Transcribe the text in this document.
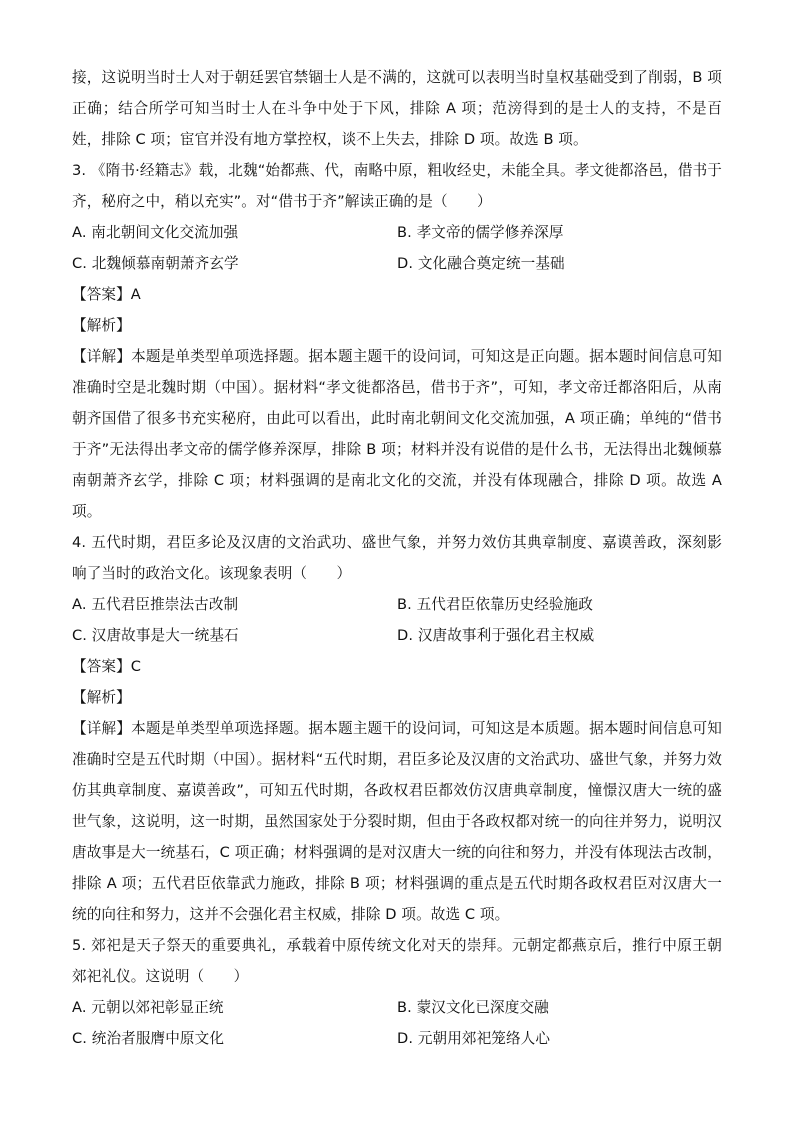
接，这说明当时士人对于朝廷罢官禁锢士人是不满的，这就可以表明当时皇权基础受到了削弱，B 项正确；结合所学可知当时士人在斗争中处于下风，排除 A 项；范滂得到的是士人的支持，不是百姓，排除 C 项；宦官并没有地方掌控权，谈不上失去，排除 D 项。故选 B 项。

3. 《隋书·经籍志》载，北魏“始都燕、代，南略中原，粗收经史，未能全具。孝文徙都洛邑，借书于齐，秘府之中，稍以充实”。对“借书于齐”解读正确的是（　　）

A. 南北朝间文化交流加强	B. 孝文帝的儒学修养深厚
C. 北魏倾慕南朝萧齐玄学	D. 文化融合奠定统一基础

【答案】A

【解析】

【详解】本题是单类型单项选择题。据本题主题干的设问词，可知这是正向题。据本题时间信息可知准确时空是北魏时期（中国）。据材料“孝文徙都洛邑，借书于齐”，可知，孝文帝迁都洛阳后，从南朝齐国借了很多书充实秘府，由此可以看出，此时南北朝间文化交流加强，A 项正确；单纯的“借书于齐”无法得出孝文帝的儒学修养深厚，排除 B 项；材料并没有说借的是什么书，无法得出北魏倾慕南朝萧齐玄学，排除 C 项；材料强调的是南北文化的交流，并没有体现融合，排除 D 项。故选 A 项。

4. 五代时期，君臣多论及汉唐的文治武功、盛世气象，并努力效仿其典章制度、嘉谟善政，深刻影响了当时的政治文化。该现象表明（　　）

A. 五代君臣推崇法古改制	B. 五代君臣依靠历史经验施政
C. 汉唐故事是大一统基石	D. 汉唐故事利于强化君主权威

【答案】C

【解析】

【详解】本题是单类型单项选择题。据本题主题干的设问词，可知这是本质题。据本题时间信息可知准确时空是五代时期（中国）。据材料“五代时期，君臣多论及汉唐的文治武功、盛世气象，并努力效仿其典章制度、嘉谟善政”，可知五代时期，各政权君臣都效仿汉唐典章制度，憧憬汉唐大一统的盛世气象，这说明，这一时期，虽然国家处于分裂时期，但由于各政权都对统一的向往并努力，说明汉唐故事是大一统基石，C 项正确；材料强调的是对汉唐大一统的向往和努力，并没有体现法古改制，排除 A 项；五代君臣依靠武力施政，排除 B 项；材料强调的重点是五代时期各政权君臣对汉唐大一统的向往和努力，这并不会强化君主权威，排除 D 项。故选 C 项。

5. 郊祀是天子祭天的重要典礼，承载着中原传统文化对天的崇拜。元朝定都燕京后，推行中原王朝郊祀礼仪。这说明（　　）

A. 元朝以郊祀彰显正统	B. 蒙汉文化已深度交融
C. 统治者服膺中原文化	D. 元朝用郊祀笼络人心
